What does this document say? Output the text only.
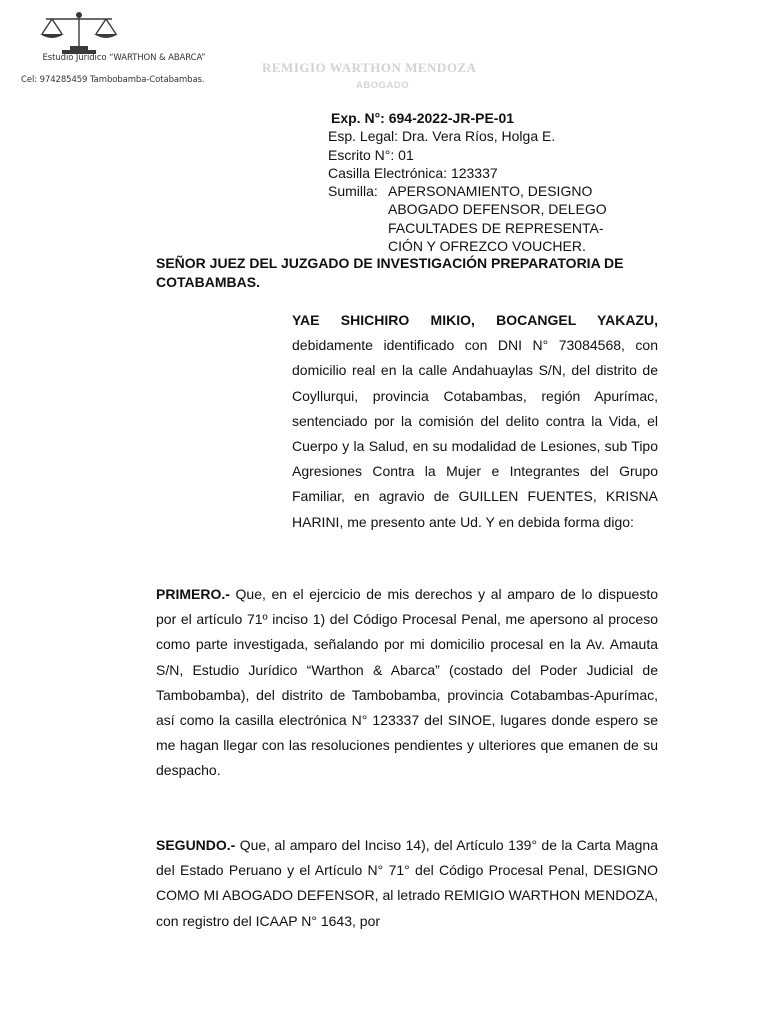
Estudio Jurídico “WARTHON & ABARCA”
Cel: 974285459 Tambobamba-Cotabambas.
REMIGIO WARTHON MENDOZA
ABOGADO
Exp. N°: 694-2022-JR-PE-01
Esp. Legal: Dra. Vera Ríos, Holga E.
Escrito N°: 01
Casilla Electrónica: 123337
Sumilla: APERSONAMIENTO, DESIGNO
ABOGADO DEFENSOR, DELEGO
FACULTADES DE REPRESENTA-
CIÓN Y OFREZCO VOUCHER.
SEÑOR JUEZ DEL JUZGADO DE INVESTIGACIÓN PREPARATORIA DE COTABAMBAS.
YAE SHICHIRO MIKIO, BOCANGEL YAKAZU, debidamente identificado con DNI N° 73084568, con domicilio real en la calle Andahuaylas S/N, del distrito de Coyllurqui, provincia Cotabambas, región Apurímac, sentenciado por la comisión del delito contra la Vida, el Cuerpo y la Salud, en su modalidad de Lesiones, sub Tipo Agresiones Contra la Mujer e Integrantes del Grupo Familiar, en agravio de GUILLEN FUENTES, KRISNA HARINI, me presento ante Ud. Y en debida forma digo:
PRIMERO.- Que, en el ejercicio de mis derechos y al amparo de lo dispuesto por el artículo 71º inciso 1) del Código Procesal Penal, me apersono al proceso como parte investigada, señalando por mi domicilio procesal en la Av. Amauta S/N, Estudio Jurídico “Warthon & Abarca” (costado del Poder Judicial de Tambobamba), del distrito de Tambobamba, provincia Cotabambas-Apurímac, así como la casilla electrónica N° 123337 del SINOE, lugares donde espero se me hagan llegar con las resoluciones pendientes y ulteriores que emanen de su despacho.
SEGUNDO.- Que, al amparo del Inciso 14), del Artículo 139° de la Carta Magna del Estado Peruano y el Artículo N° 71° del Código Procesal Penal, DESIGNO COMO MI ABOGADO DEFENSOR, al letrado REMIGIO WARTHON MENDOZA, con registro del ICAAP N° 1643, por
